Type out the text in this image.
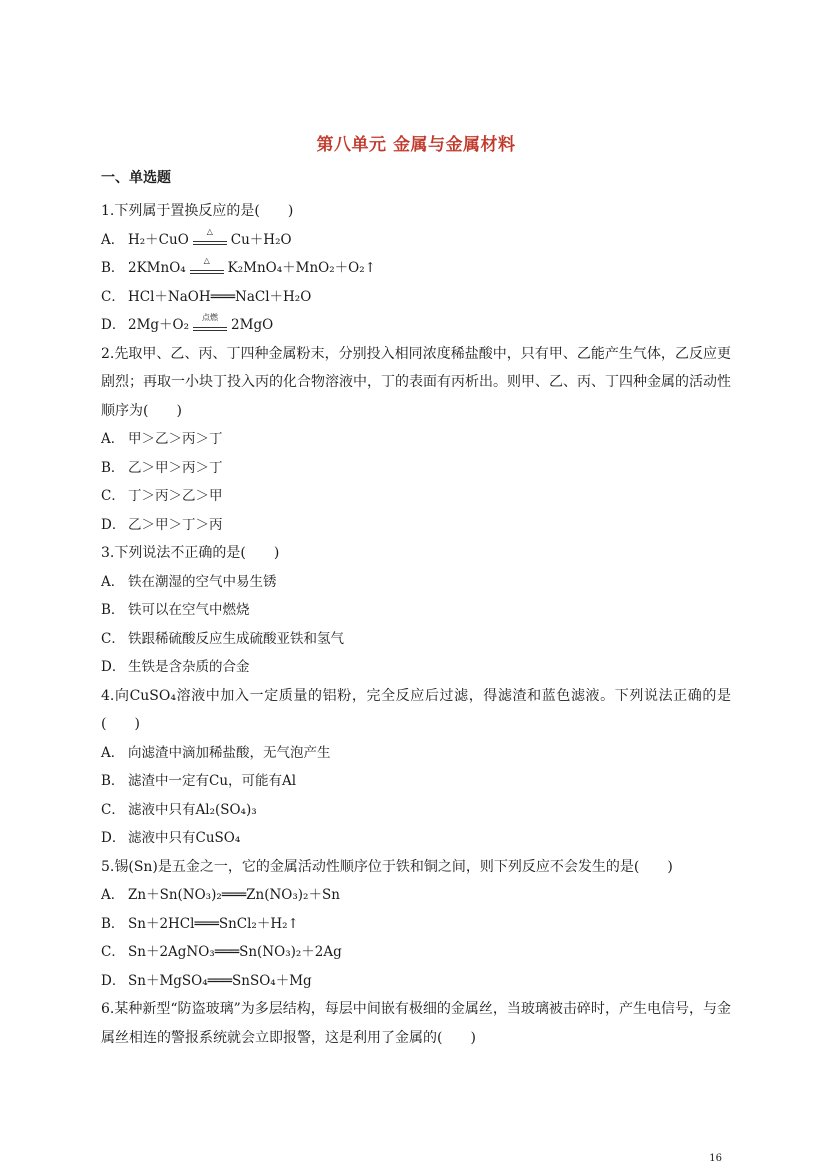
第八单元 金属与金属材料
一、单选题

1.下列属于置换反应的是(　　)

A． H₂＋CuO	△	Cu＋H₂O

B． 2KMnO₄	△	K₂MnO₄＋MnO₂＋O₂↑

C． HCl＋NaOH═══NaCl＋H₂O

D． 2Mg＋O₂	点燃 2MgO

2.先取甲、乙、丙、丁四种金属粉末，分别投入相同浓度稀盐酸中，只有甲、乙能产生气体，乙反应更剧烈；再取一小块丁投入丙的化合物溶液中，丁的表面有丙析出。则甲、乙、丙、丁四种金属的活动性顺序为(　　)

A． 甲＞乙＞丙＞丁

B． 乙＞甲＞丙＞丁

C． 丁＞丙＞乙＞甲

D． 乙＞甲＞丁＞丙

3.下列说法不正确的是(　　)

A． 铁在潮湿的空气中易生锈

B． 铁可以在空气中燃烧

C． 铁跟稀硫酸反应生成硫酸亚铁和氢气

D． 生铁是含杂质的合金

4.向CuSO₄溶液中加入一定质量的铝粉，完全反应后过滤，得滤渣和蓝色滤液。下列说法正确的是(　　)

A． 向滤渣中滴加稀盐酸，无气泡产生

B． 滤渣中一定有Cu，可能有Al

C． 滤液中只有Al₂(SO₄)₃

D． 滤液中只有CuSO₄

5.锡(Sn)是五金之一，它的金属活动性顺序位于铁和铜之间，则下列反应不会发生的是(　　)

A． Zn＋Sn(NO₃)₂═══Zn(NO₃)₂＋Sn

B． Sn＋2HCl═══SnCl₂＋H₂↑

C． Sn＋2AgNO₃═══Sn(NO₃)₂＋2Ag

D． Sn＋MgSO₄═══SnSO₄＋Mg

6.某种新型“防盗玻璃”为多层结构，每层中间嵌有极细的金属丝，当玻璃被击碎时，产生电信号，与金属丝相连的警报系统就会立即报警，这是利用了金属的(　　)

16
